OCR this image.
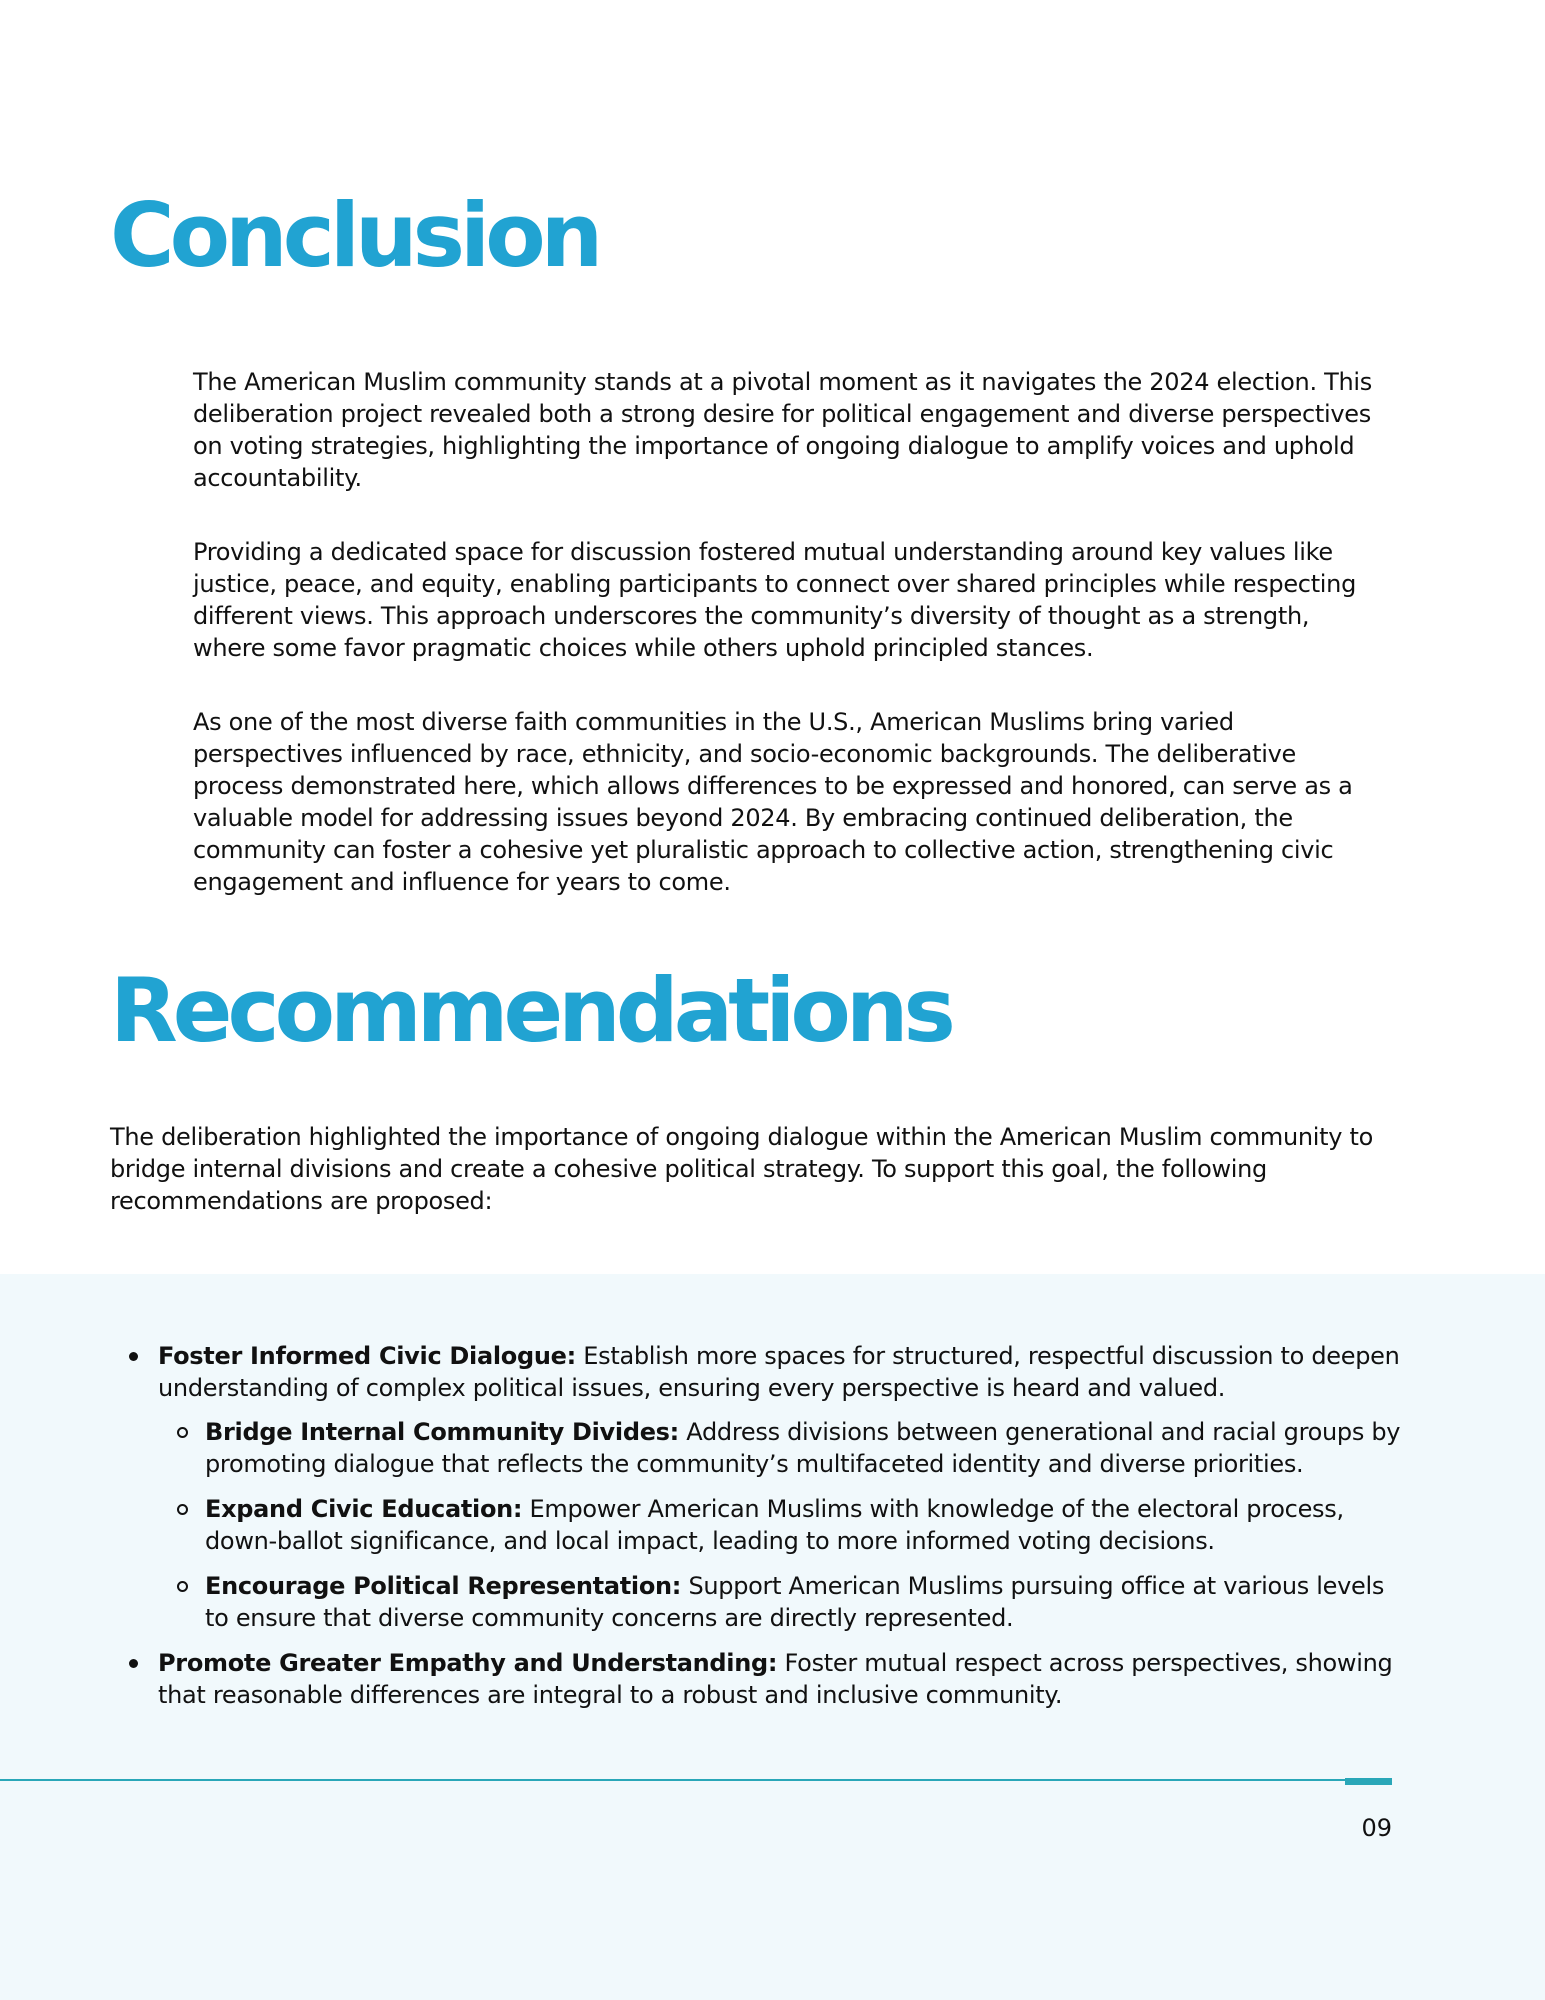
Conclusion

The American Muslim community stands at a pivotal moment as it navigates the 2024 election. This deliberation project revealed both a strong desire for political engagement and diverse perspectives on voting strategies, highlighting the importance of ongoing dialogue to amplify voices and uphold accountability.

Providing a dedicated space for discussion fostered mutual understanding around key values like justice, peace, and equity, enabling participants to connect over shared principles while respecting different views. This approach underscores the community’s diversity of thought as a strength, where some favor pragmatic choices while others uphold principled stances.

As one of the most diverse faith communities in the U.S., American Muslims bring varied perspectives influenced by race, ethnicity, and socio-economic backgrounds. The deliberative process demonstrated here, which allows differences to be expressed and honored, can serve as a valuable model for addressing issues beyond 2024. By embracing continued deliberation, the community can foster a cohesive yet pluralistic approach to collective action, strengthening civic engagement and influence for years to come.

Recommendations

The deliberation highlighted the importance of ongoing dialogue within the American Muslim community to bridge internal divisions and create a cohesive political strategy. To support this goal, the following recommendations are proposed:

Foster Informed Civic Dialogue: Establish more spaces for structured, respectful discussion to deepen understanding of complex political issues, ensuring every perspective is heard and valued.
Bridge Internal Community Divides: Address divisions between generational and racial groups by promoting dialogue that reflects the community’s multifaceted identity and diverse priorities.
Expand Civic Education: Empower American Muslims with knowledge of the electoral process, down-ballot significance, and local impact, leading to more informed voting decisions.
Encourage Political Representation: Support American Muslims pursuing office at various levels to ensure that diverse community concerns are directly represented.
Promote Greater Empathy and Understanding: Foster mutual respect across perspectives, showing that reasonable differences are integral to a robust and inclusive community.
09
